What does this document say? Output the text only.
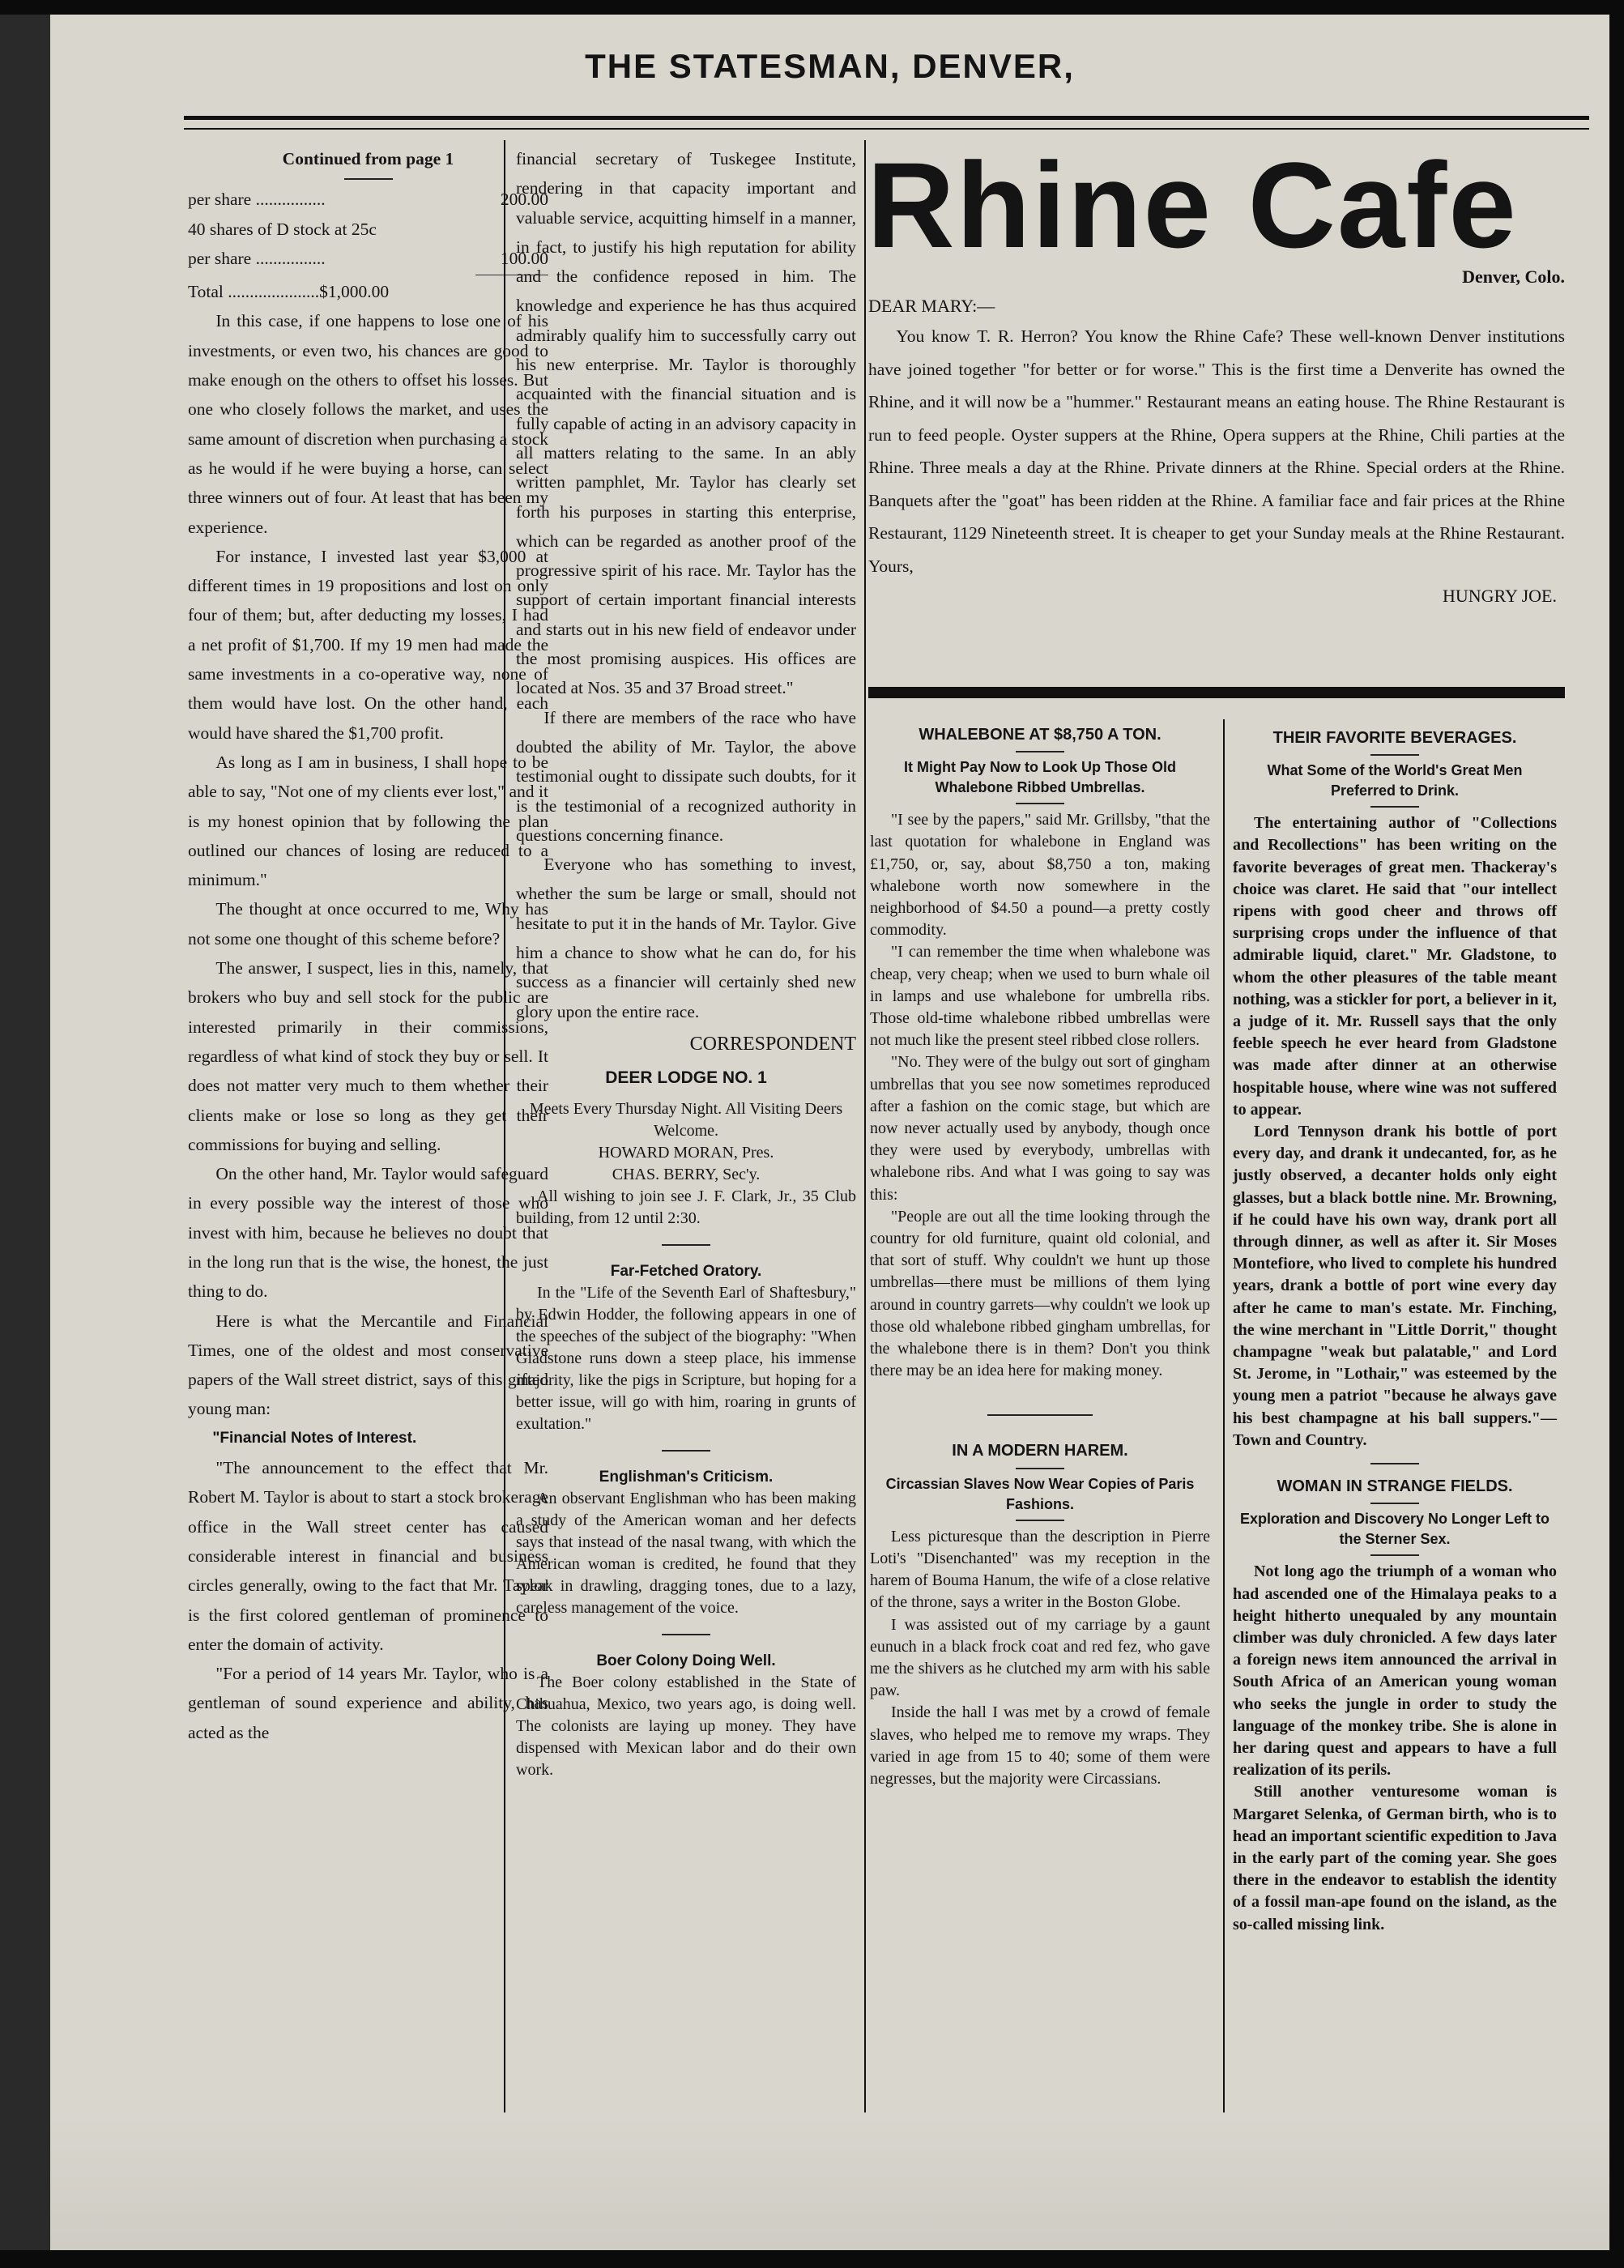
THE STATESMAN, DENVER,
Continued from page 1
per share ................	200.00
40 shares of D stock at 25c
per share ................	100.00
Total .....................$1,000.00

In this case, if one happens to lose one of his investments, or even two, his chances are good to make enough on the others to offset his losses. But one who closely follows the market, and uses the same amount of discretion when purchasing a stock as he would if he were buying a horse, can select three winners out of four. At least that has been my experience.

For instance, I invested last year $3,000 at different times in 19 propositions and lost on only four of them; but, after deducting my losses, I had a net profit of $1,700. If my 19 men had made the same investments in a co-operative way, none of them would have lost. On the other hand, each would have shared the $1,700 profit.

As long as I am in business, I shall hope to be able to say, "Not one of my clients ever lost," and it is my honest opinion that by following the plan outlined our chances of losing are reduced to a minimum."

The thought at once occurred to me, Why has not some one thought of this scheme before?

The answer, I suspect, lies in this, namely, that brokers who buy and sell stock for the public are interested primarily in their commissions, regardless of what kind of stock they buy or sell. It does not matter very much to them whether their clients make or lose so long as they get their commissions for buying and selling.

On the other hand, Mr. Taylor would safeguard in every possible way the interest of those who invest with him, because he believes no doubt that in the long run that is the wise, the honest, the just thing to do.

Here is what the Mercantile and Financial Times, one of the oldest and most conservative papers of the Wall street district, says of this gifted young man:

"Financial Notes of Interest.

"The announcement to the effect that Mr. Robert M. Taylor is about to start a stock brokerage office in the Wall street center has caused considerable interest in financial and business circles generally, owing to the fact that Mr. Taylor is the first colored gentleman of prominence to enter the domain of activity.

"For a period of 14 years Mr. Taylor, who is a gentleman of sound experience and ability, has acted as the

financial secretary of Tuskegee Institute, rendering in that capacity important and valuable service, acquitting himself in a manner, in fact, to justify his high reputation for ability and the confidence reposed in him. The knowledge and experience he has thus acquired admirably qualify him to successfully carry out his new enterprise. Mr. Taylor is thoroughly acquainted with the financial situation and is fully capable of acting in an advisory capacity in all matters relating to the same. In an ably written pamphlet, Mr. Taylor has clearly set forth his purposes in starting this enterprise, which can be regarded as another proof of the progressive spirit of his race. Mr. Taylor has the support of certain important financial interests and starts out in his new field of endeavor under the most promising auspices. His offices are located at Nos. 35 and 37 Broad street."

If there are members of the race who have doubted the ability of Mr. Taylor, the above testimonial ought to dissipate such doubts, for it is the testimonial of a recognized authority in questions concerning finance.

Everyone who has something to invest, whether the sum be large or small, should not hesitate to put it in the hands of Mr. Taylor. Give him a chance to show what he can do, for his success as a financier will certainly shed new glory upon the entire race.

CORRESPONDENT
DEER LODGE NO. 1
Meets Every Thursday Night. All Visiting Deers Welcome.
HOWARD MORAN, Pres.
CHAS. BERRY, Sec'y.
All wishing to join see J. F. Clark, Jr., 35 Club building, from 12 until 2:30.
Far-Fetched Oratory.
In the "Life of the Seventh Earl of Shaftesbury," by Edwin Hodder, the following appears in one of the speeches of the subject of the biography: "When Gladstone runs down a steep place, his immense majority, like the pigs in Scripture, but hoping for a better issue, will go with him, roaring in grunts of exultation."
Englishman's Criticism.
An observant Englishman who has been making a study of the American woman and her defects says that instead of the nasal twang, with which the American woman is credited, he found that they speak in drawling, dragging tones, due to a lazy, careless management of the voice.
Boer Colony Doing Well.
The Boer colony established in the State of Chihuahua, Mexico, two years ago, is doing well. The colonists are laying up money. They have dispensed with Mexican labor and do their own work.
Rhine Cafe
Denver, Colo.
DEAR MARY:—

You know T. R. Herron? You know the Rhine Cafe? These well-known Denver institutions have joined together "for better or for worse." This is the first time a Denverite has owned the Rhine, and it will now be a "hummer." Restaurant means an eating house. The Rhine Restaurant is run to feed people. Oyster suppers at the Rhine, Opera suppers at the Rhine, Chili parties at the Rhine. Three meals a day at the Rhine. Private dinners at the Rhine. Special orders at the Rhine. Banquets after the "goat" has been ridden at the Rhine. A familiar face and fair prices at the Rhine Restaurant, 1129 Nineteenth street. It is cheaper to get your Sunday meals at the Rhine Restaurant. Yours,

HUNGRY JOE.
WHALEBONE AT $8,750 A TON.
It Might Pay Now to Look Up Those Old Whalebone Ribbed Umbrellas.

"I see by the papers," said Mr. Grillsby, "that the last quotation for whalebone in England was £1,750, or, say, about $8,750 a ton, making whalebone worth now somewhere in the neighborhood of $4.50 a pound—a pretty costly commodity.

"I can remember the time when whalebone was cheap, very cheap; when we used to burn whale oil in lamps and use whalebone for umbrella ribs. Those old-time whalebone ribbed umbrellas were not much like the present steel ribbed close rollers.

"No. They were of the bulgy out sort of gingham umbrellas that you see now sometimes reproduced after a fashion on the comic stage, but which are now never actually used by anybody, though once they were used by everybody, umbrellas with whalebone ribs. And what I was going to say was this:

"People are out all the time looking through the country for old furniture, quaint old colonial, and that sort of stuff. Why couldn't we hunt up those umbrellas—there must be millions of them lying around in country garrets—why couldn't we look up those old whalebone ribbed gingham umbrellas, for the whalebone there is in them? Don't you think there may be an idea here for making money.

IN A MODERN HAREM.
Circassian Slaves Now Wear Copies of Paris Fashions.

Less picturesque than the description in Pierre Loti's "Disenchanted" was my reception in the harem of Bouma Hanum, the wife of a close relative of the throne, says a writer in the Boston Globe.

I was assisted out of my carriage by a gaunt eunuch in a black frock coat and red fez, who gave me the shivers as he clutched my arm with his sable paw.

Inside the hall I was met by a crowd of female slaves, who helped me to remove my wraps. They varied in age from 15 to 40; some of them were negresses, but the majority were Circassians.

THEIR FAVORITE BEVERAGES.
What Some of the World's Great Men Preferred to Drink.

The entertaining author of "Collections and Recollections" has been writing on the favorite beverages of great men. Thackeray's choice was claret. He said that "our intellect ripens with good cheer and throws off surprising crops under the influence of that admirable liquid, claret." Mr. Gladstone, to whom the other pleasures of the table meant nothing, was a stickler for port, a believer in it, a judge of it. Mr. Russell says that the only feeble speech he ever heard from Gladstone was made after dinner at an otherwise hospitable house, where wine was not suffered to appear.

Lord Tennyson drank his bottle of port every day, and drank it undecanted, for, as he justly observed, a decanter holds only eight glasses, but a black bottle nine. Mr. Browning, if he could have his own way, drank port all through dinner, as well as after it. Sir Moses Montefiore, who lived to complete his hundred years, drank a bottle of port wine every day after he came to man's estate. Mr. Finching, the wine merchant in "Little Dorrit," thought champagne "weak but palatable," and Lord St. Jerome, in "Lothair," was esteemed by the young men a patriot "because he always gave his best champagne at his ball suppers."—Town and Country.

WOMAN IN STRANGE FIELDS.
Exploration and Discovery No Longer Left to the Sterner Sex.

Not long ago the triumph of a woman who had ascended one of the Himalaya peaks to a height hitherto unequaled by any mountain climber was duly chronicled. A few days later a foreign news item announced the arrival in South Africa of an American young woman who seeks the jungle in order to study the language of the monkey tribe. She is alone in her daring quest and appears to have a full realization of its perils.

Still another venturesome woman is Margaret Selenka, of German birth, who is to head an important scientific expedition to Java in the early part of the coming year. She goes there in the endeavor to establish the identity of a fossil man-ape found on the island, as the so-called missing link.
